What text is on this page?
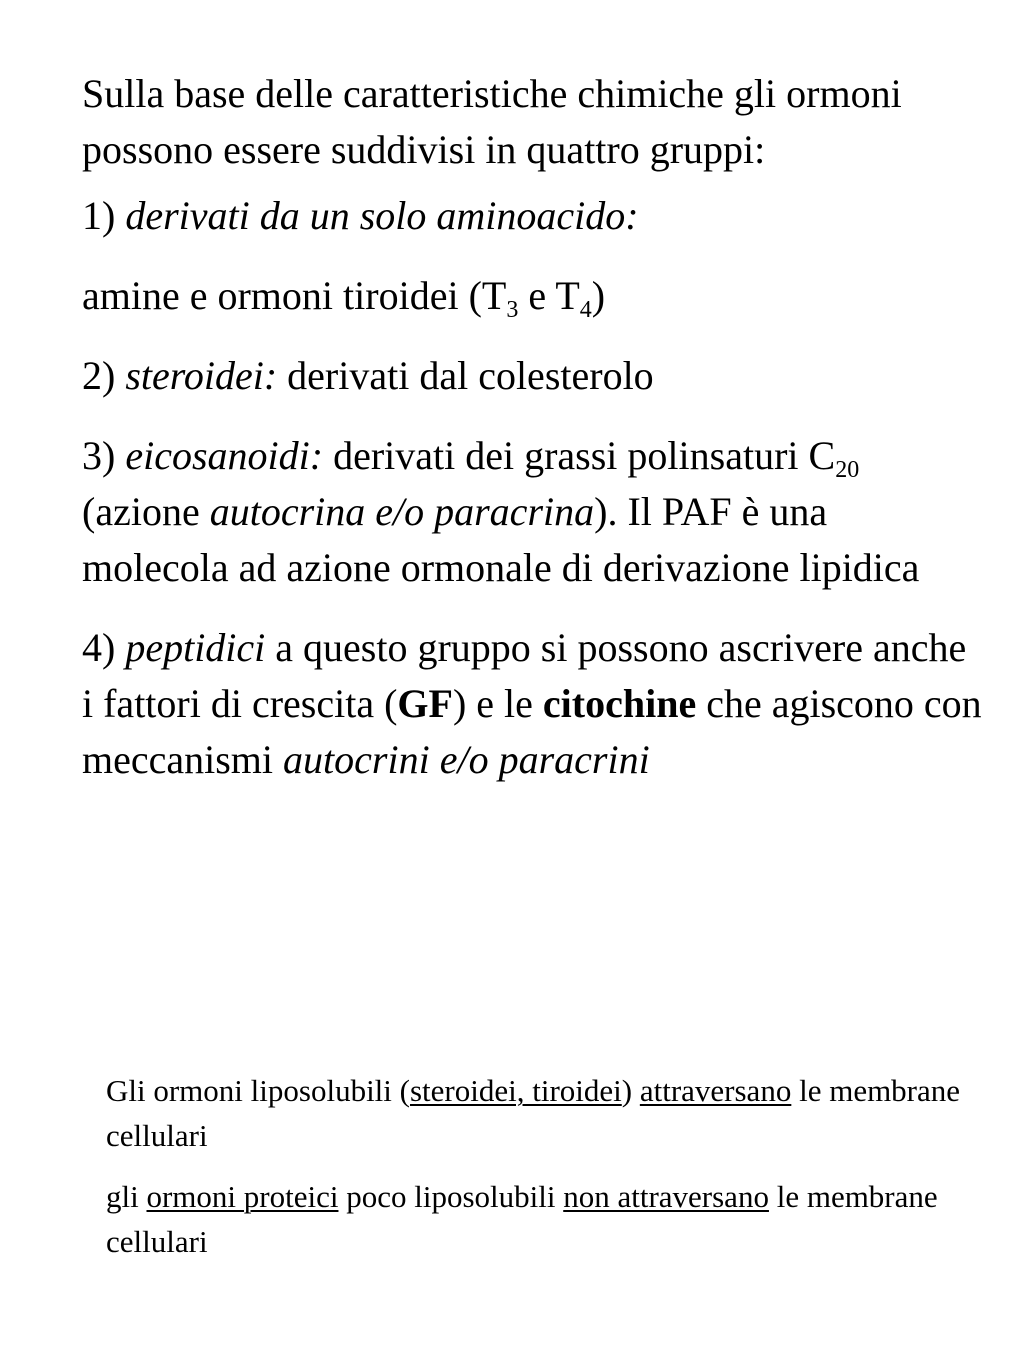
Sulla base delle caratteristiche chimiche gli ormoni possono essere suddivisi in quattro gruppi:

1) derivati da un solo aminoacido:

amine e ormoni tiroidei ($T_3$ e $T_4$)

2) steroidei: derivati dal colesterolo

3) eicosanoidi: derivati dei grassi polinsaturi $C_{20}$ (azione autocrina e/o paracrina). Il PAF è una molecola ad azione ormonale di derivazione lipidica

4) peptidici a questo gruppo si possono ascrivere anche i fattori di crescita (GF) e le citochine che agiscono con meccanismi autocrini e/o paracrini

Gli ormoni liposolubili (steroidei, tiroidei) attraversano le membrane cellulari

gli ormoni proteici poco liposolubili non attraversano le membrane cellulari
